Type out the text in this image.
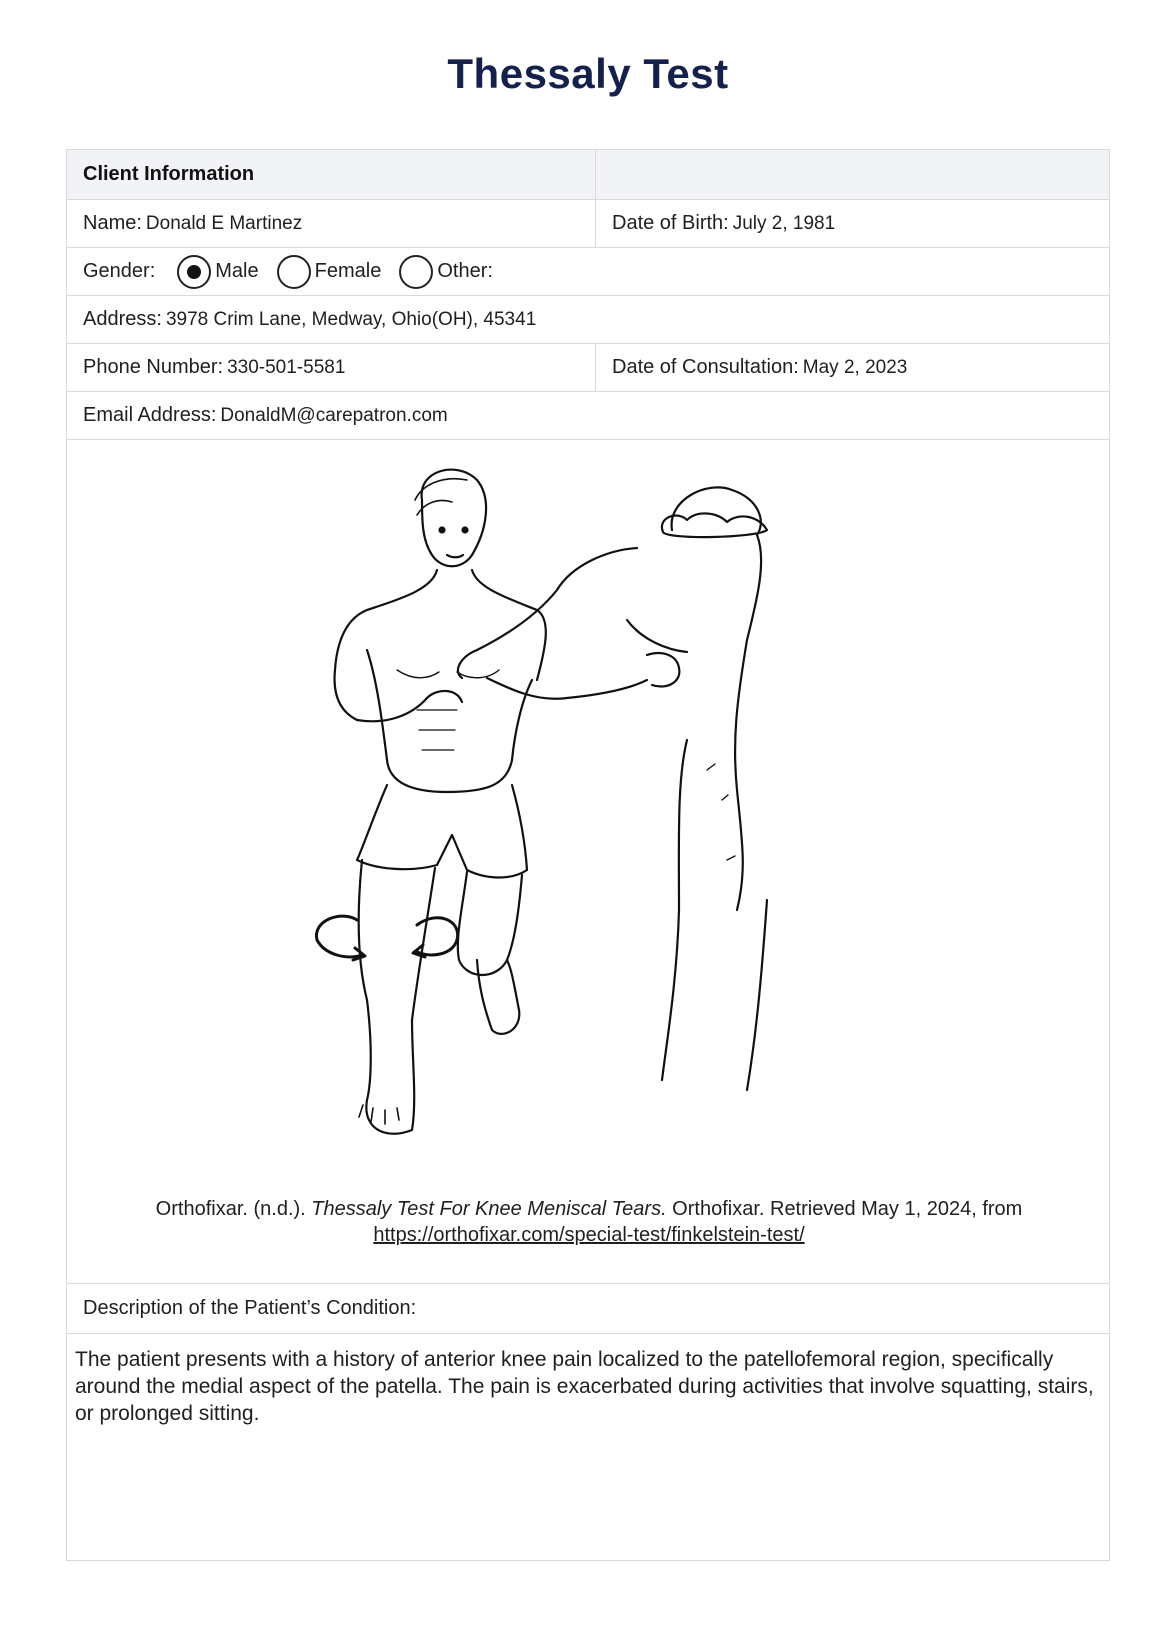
Thessaly Test
Client Information
Name: Donald E Martinez	Date of Birth: July 2, 1981
Gender:	Male	Female	Other:
Address: 3978 Crim Lane, Medway, Ohio(OH), 45341
Phone Number: 330-501-5581	Date of Consultation: May 2, 2023
Email Address: DonaldM@carepatron.com
Orthofixar. (n.d.). Thessaly Test For Knee Meniscal Tears. Orthofixar. Retrieved May 1, 2024, from
https://orthofixar.com/special-test/finkelstein-test/
Description of the Patient’s Condition:
The patient presents with a history of anterior knee pain localized to the patellofemoral region, specifically around the medial aspect of the patella. The pain is exacerbated during activities that involve squatting, stairs, or prolonged sitting.
